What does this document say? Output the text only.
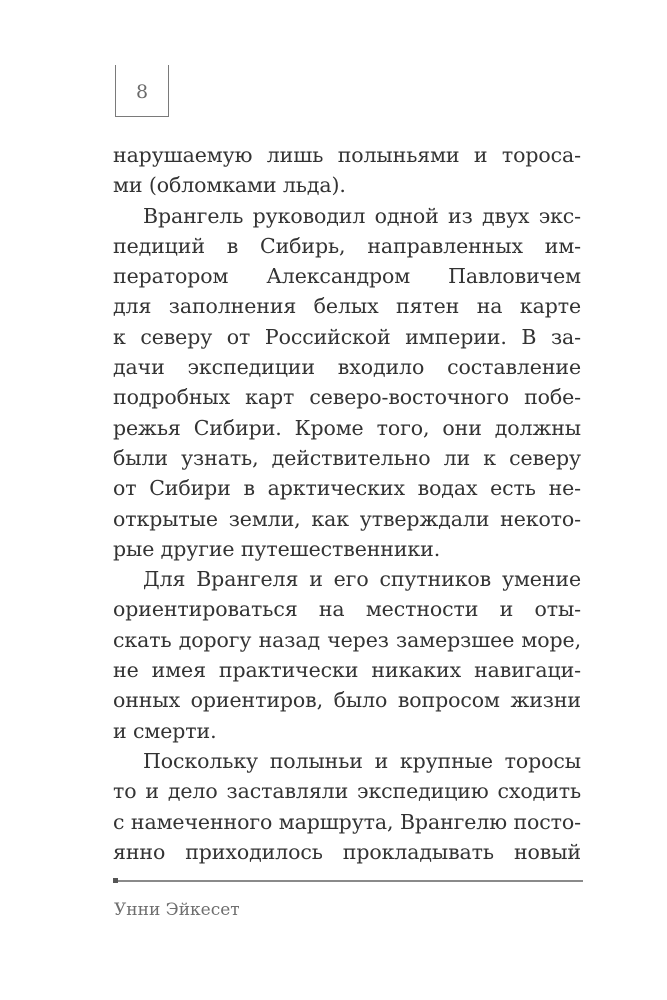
8
нарушаемую лишь полыньями и тороса-
ми (обломками льда).
Врангель руководил одной из двух экс-
педиций в Сибирь, направленных им-
ператором Александром Павловичем
для заполнения белых пятен на карте
к северу от Российской империи. В за-
дачи экспедиции входило составление
подробных карт северо-восточного побе-
режья Сибири. Кроме того, они должны
были узнать, действительно ли к северу
от Сибири в арктических водах есть не-
открытые земли, как утверждали некото-
рые другие путешественники.
Для Врангеля и его спутников умение
ориентироваться на местности и оты-
скать дорогу назад через замерзшее море,
не имея практически никаких навигаци-
онных ориентиров, было вопросом жизни
и смерти.
Поскольку полыньи и крупные торосы
то и дело заставляли экспедицию сходить
с намеченного маршрута, Врангелю посто-
янно приходилось прокладывать новый
Унни Эйкесет
